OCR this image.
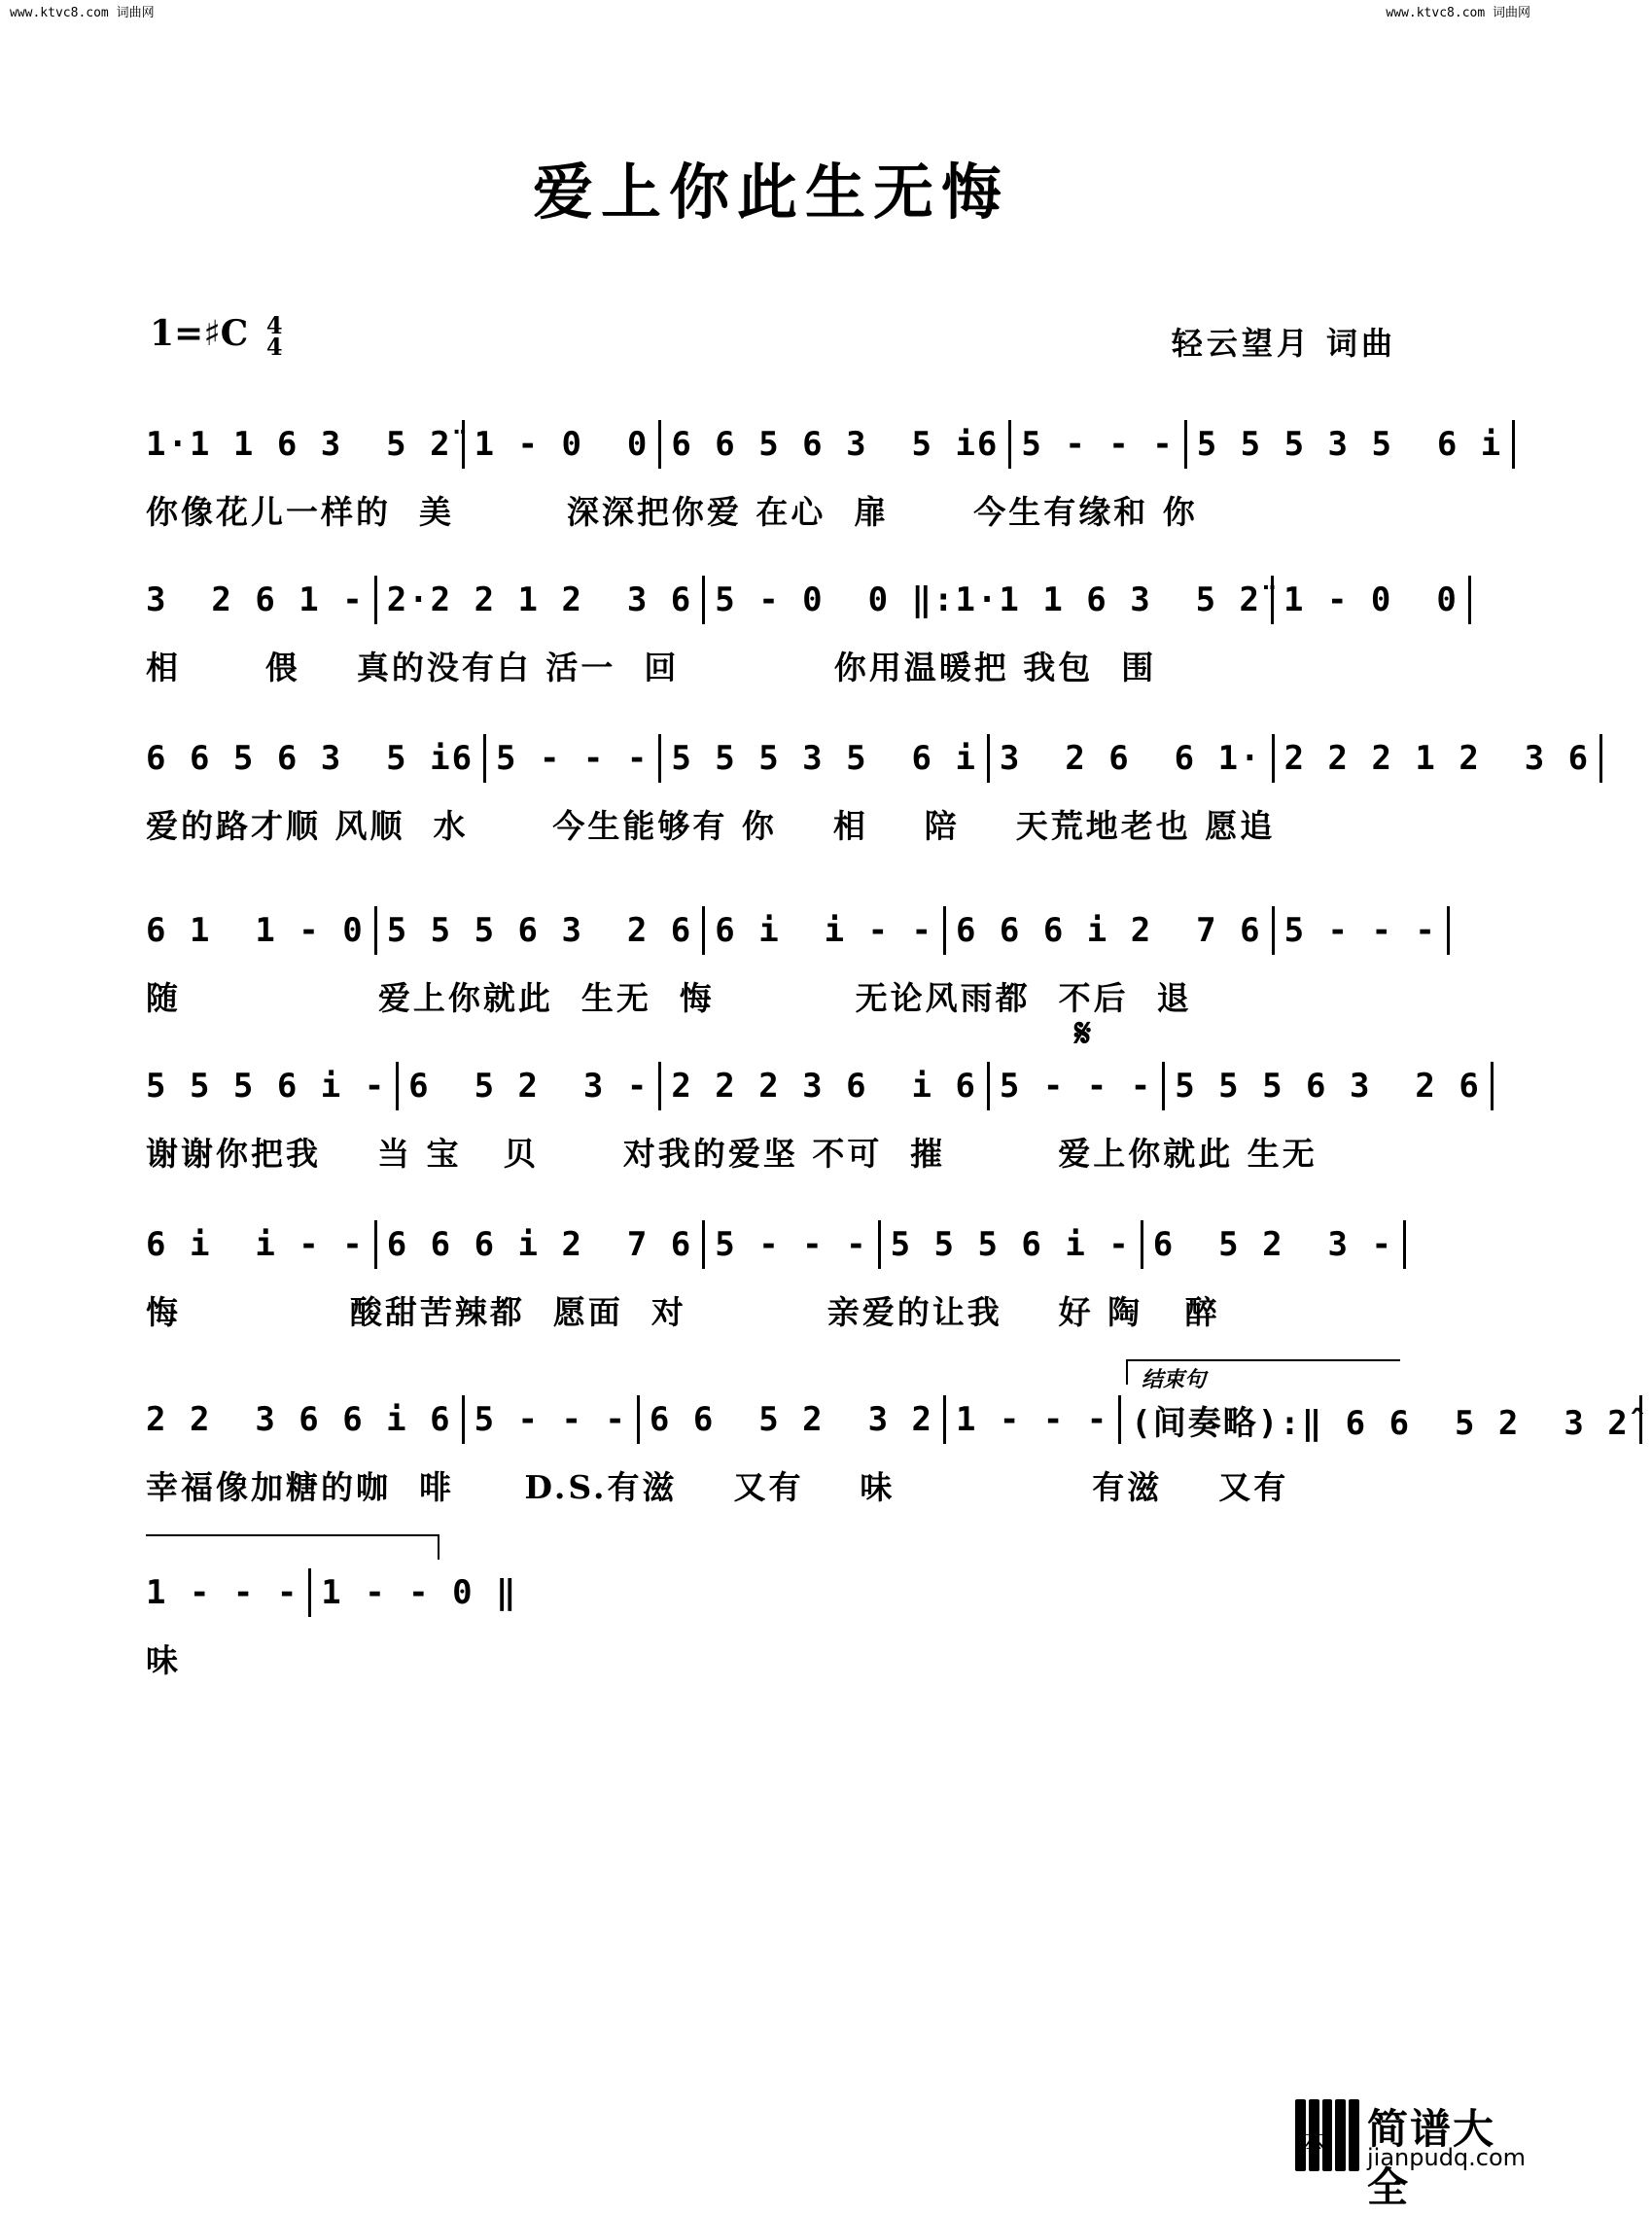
www.ktvc8.com 词曲网	www.ktvc8.com 词曲网
爱上你此生无悔
1=♯C 4
4	轻云望月 词曲
1·1 1 6 3  5 2̈ 1 - 0  0 6 6 5 6 3  5 i6 5 - - - 5 5 5 3 5  6 i
你像花儿一样的  美        深深把你爱 在心  扉      今生有缘和 你
3  2 6 1 - 2·2 2 1 2  3 6 5 - 0  0 ‖: 1·1 1 6 3  5 2̈ 1 - 0  0
相      偎    真的没有白 活一  回           你用温暖把 我包  围
6 6 5 6 3  5 i6 5 - - - 5 5 5 3 5  6 i 3  2 6  6 1· 2 2 2 1 2  3 6
爱的路才顺 风顺  水      今生能够有 你    相    陪    天荒地老也 愿追
6 1  1 - 0 5 5 5 6 3  2 6 6 i  i - - 6 6 6 i 2  7 6 5 - - -
随              爱上你就此  生无  悔          无论风雨都  不后  退
𝄋
5 5 5 6 i - 6  5 2  3 - 2 2 2 3 6  i 6 5 - - - 5 5 5 6 3  2 6
谢谢你把我    当 宝   贝      对我的爱坚 不可  摧        爱上你就此 生无
6 i  i - - 6 6 6 i 2  7 6 5 - - - 5 5 5 6 i - 6  5 2  3 -
悔            酸甜苦辣都  愿面  对          亲爱的让我    好 陶   醉
结束句
2 2  3 6 6 i 6 5 - - - 6 6  5 2  3 2 1 - - - (间奏略):‖ 6 6  5 2  3 2̂
幸福像加糖的咖  啡     D.S.有滋    又有    味              有滋    又有
1 - - - 1 - - 0 ‖
味
简谱大全
jianpudq.com
